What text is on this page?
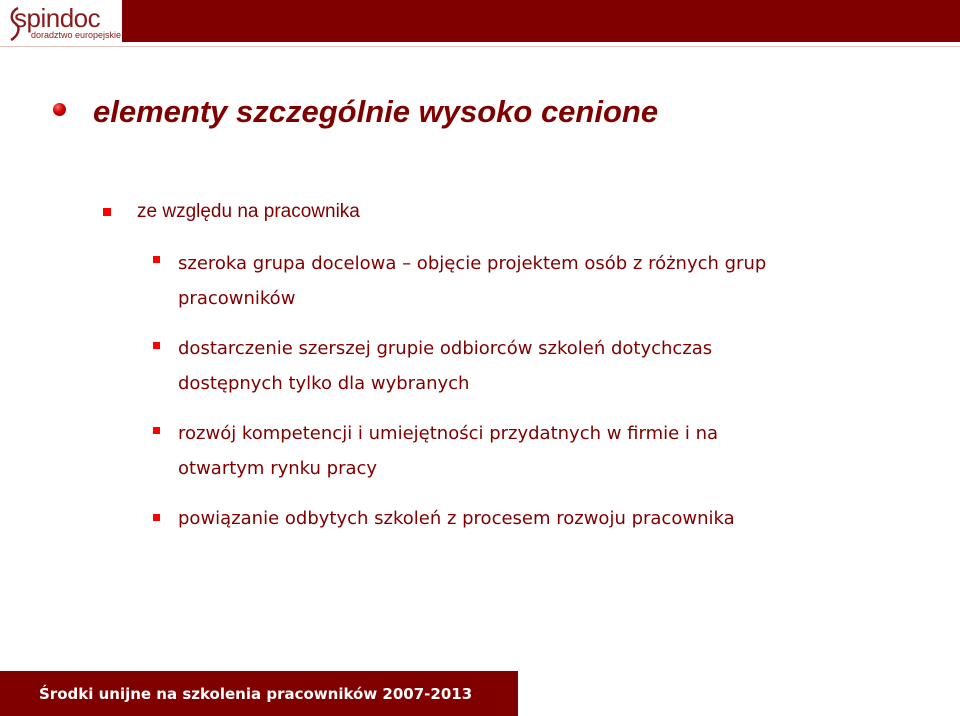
spindoc
doradztwo europejskie
elementy szczególnie wysoko cenione
ze względu na pracownika
szeroka grupa docelowa – objęcie projektem osób z różnych grup
pracowników
dostarczenie szerszej grupie odbiorców szkoleń dotychczas
dostępnych tylko dla wybranych
rozwój kompetencji i umiejętności przydatnych w firmie i na
otwartym rynku pracy
powiązanie odbytych szkoleń z procesem rozwoju pracownika
Środki unijne na szkolenia pracowników 2007-2013
